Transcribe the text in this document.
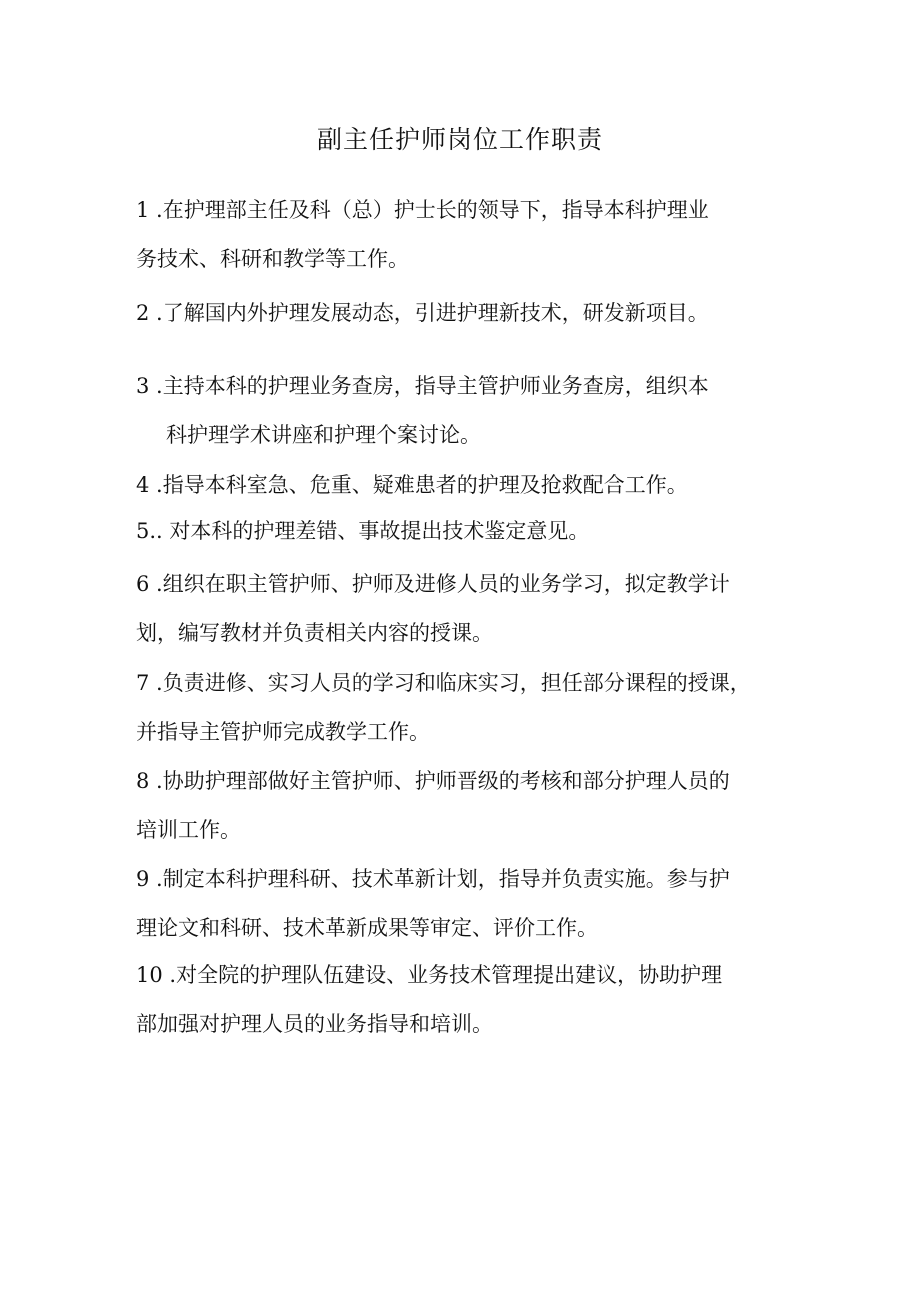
副主任护师岗位工作职责
1 .在护理部主任及科（总）护士长的领导下，指导本科护理业
务技术、科研和教学等工作。
2 .了解国内外护理发展动态，引进护理新技术，研发新项目。
3 .主持本科的护理业务查房，指导主管护师业务查房，组织本
科护理学术讲座和护理个案讨论。
4 .指导本科室急、危重、疑难患者的护理及抢救配合工作。
5.. 对本科的护理差错、事故提出技术鉴定意见。
6 .组织在职主管护师、护师及进修人员的业务学习，拟定教学计
划，编写教材并负责相关内容的授课。
7 .负责进修、实习人员的学习和临床实习，担任部分课程的授课，
并指导主管护师完成教学工作。
8 .协助护理部做好主管护师、护师晋级的考核和部分护理人员的
培训工作。
9 .制定本科护理科研、技术革新计划，指导并负责实施。参与护
理论文和科研、技术革新成果等审定、评价工作。
10 .对全院的护理队伍建设、业务技术管理提出建议，协助护理
部加强对护理人员的业务指导和培训。
